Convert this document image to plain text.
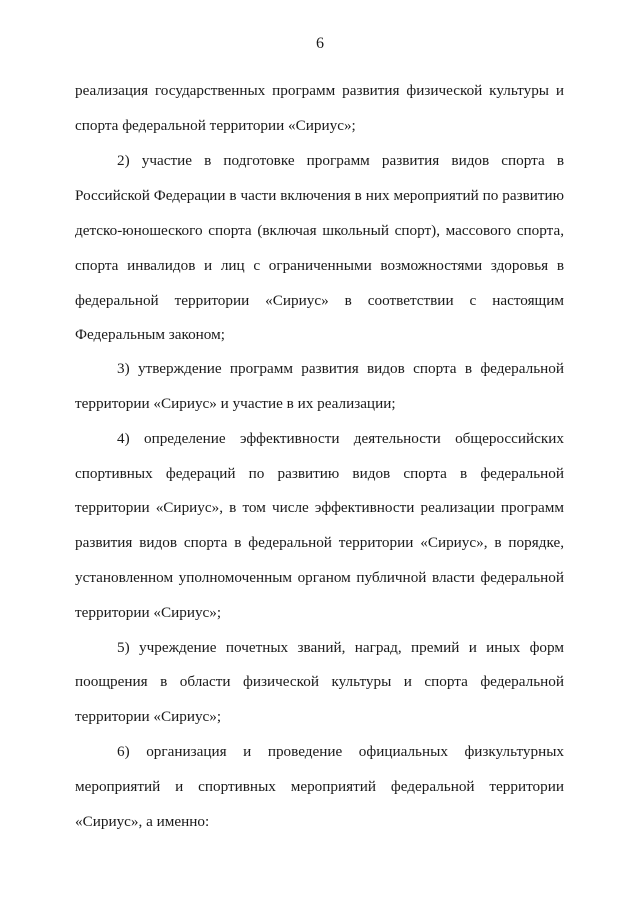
6
реализация государственных программ развития физической культуры и
спорта федеральной территории «Сириус»;
2) участие в подготовке программ развития видов спорта в
Российской Федерации в части включения в них мероприятий по развитию
детско-юношеского спорта (включая школьный спорт), массового спорта,
спорта инвалидов и лиц с ограниченными возможностями здоровья в
федеральной территории «Сириус» в соответствии с настоящим
Федеральным законом;
3) утверждение программ развития видов спорта в федеральной
территории «Сириус» и участие в их реализации;
4) определение эффективности деятельности общероссийских
спортивных федераций по развитию видов спорта в федеральной
территории «Сириус», в том числе эффективности реализации программ
развития видов спорта в федеральной территории «Сириус», в порядке,
установленном уполномоченным органом публичной власти федеральной
территории «Сириус»;
5) учреждение почетных званий, наград, премий и иных форм
поощрения в области физической культуры и спорта федеральной
территории «Сириус»;
6) организация и проведение официальных физкультурных
мероприятий и спортивных мероприятий федеральной территории
«Сириус», а именно:
